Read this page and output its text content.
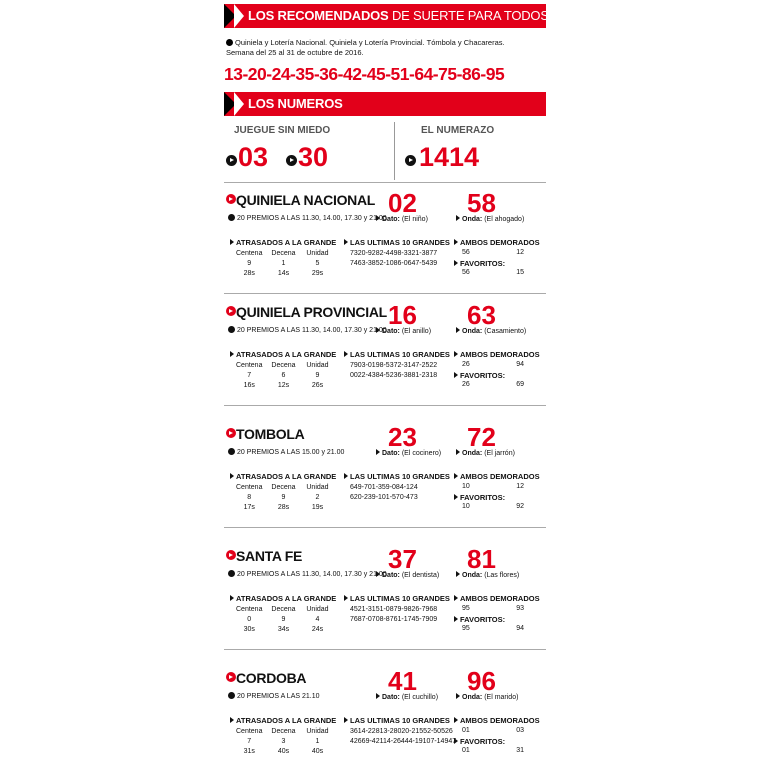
LOS RECOMENDADOS DE SUERTE PARA TODOS
Quiniela y Lotería Nacional. Quiniela y Lotería Provincial. Tómbola y Chacareras.
Semana del 25 al 31 de octubre de 2016.
13-20-24-35-36-42-45-51-64-75-86-95
LOS NUMEROS
JUEGUE SIN MIEDO
03 30
EL NUMERAZO
1414
QUINIELA NACIONAL
20 PREMIOS A LAS 11.30, 14.00, 17.30 y 21.00
02 58
Dato: (El niño)	Onda: (El ahogado)
ATRASADOS A LA GRANDE	LAS ULTIMAS 10 GRANDES	AMBOS DEMORADOS
Centena	Decena	Unidad
9	1	5
28s	14s	29s
7320-9282-4498-3321-3877
7463-3852-1086-0647-5439
56	12
FAVORITOS:
56	15
QUINIELA PROVINCIAL
20 PREMIOS A LAS 11.30, 14.00, 17.30 y 21.00
16 63
Dato: (El anillo)	Onda: (Casamiento)
ATRASADOS A LA GRANDE	LAS ULTIMAS 10 GRANDES	AMBOS DEMORADOS
Centena	Decena	Unidad
7	6	9
16s	12s	26s
7903-0198-5372-3147-2522
0022-4384-5236-3881-2318
26	94
FAVORITOS:
26	69
TOMBOLA
20 PREMIOS A LAS 15.00 y 21.00
23 72
Dato: (El cocinero)	Onda: (El jarrón)
ATRASADOS A LA GRANDE	LAS ULTIMAS 10 GRANDES	AMBOS DEMORADOS
Centena	Decena	Unidad
8	9	2
17s	28s	19s
649-701-359-084-124
620-239-101-570-473
10	12
FAVORITOS:
10	92
SANTA FE
20 PREMIOS A LAS 11.30, 14.00, 17.30 y 21.00
37 81
Dato: (El dentista)	Onda: (Las flores)
ATRASADOS A LA GRANDE	LAS ULTIMAS 10 GRANDES	AMBOS DEMORADOS
Centena	Decena	Unidad
0	9	4
30s	34s	24s
4521-3151-0879-9826-7968
7687-0708-8761-1745-7909
95	93
FAVORITOS:
95	94
CORDOBA
20 PREMIOS A LAS 21.10
41 96
Dato: (El cuchillo)	Onda: (El marido)
ATRASADOS A LA GRANDE	LAS ULTIMAS 10 GRANDES	AMBOS DEMORADOS
Centena	Decena	Unidad
7	3	1
31s	40s	40s
3614-22813-28020-21552-50526
42669-42114-26444-19107-14947
01	03
FAVORITOS:
01	31
